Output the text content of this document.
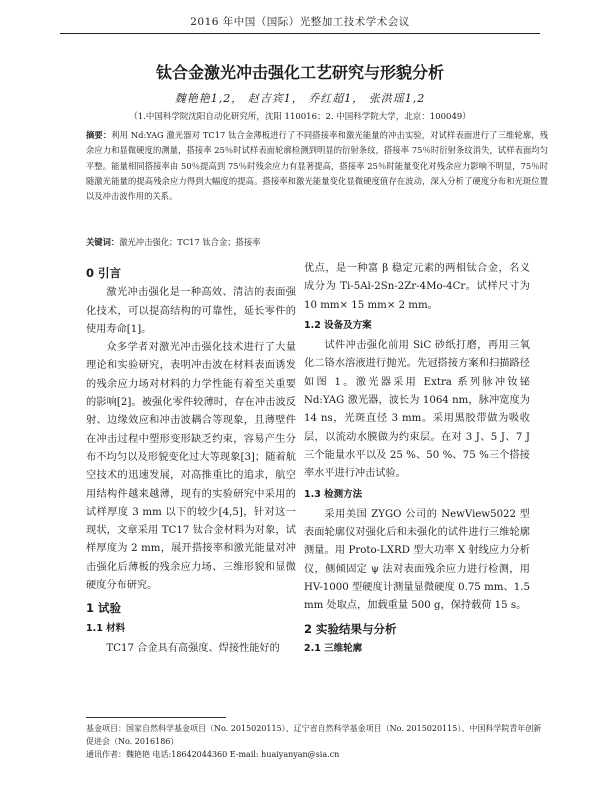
2016 年中国（国际）光整加工技术学术会议
钛合金激光冲击强化工艺研究与形貌分析
魏艳艳1,2， 赵吉宾1， 乔红超1， 张洪瑶1,2
（1.中国科学院沈阳自动化研究所，沈阳 110016；2. 中国科学院大学，北京：100049）
摘要：利用 Nd:YAG 激光器对 TC17 钛合金薄板进行了不同搭接率和激光能量的冲击实验，对试样表面进行了三维轮廓，残余应力和显微硬度的测量，搭接率 25％时试样表面轮廓检测到明显的衍射条纹，搭接率 75％时衍射条纹消失，试样表面均匀平整。能量相同搭接率由 50％提高到 75％时残余应力有显著提高，搭接率 25％时能量变化对残余应力影响不明显，75％时随激光能量的提高残余应力得到大幅度的提高。搭接率和激光能量变化显微硬度值存在波动，深入分析了硬度分布和光斑位置以及冲击波作用的关系。
关键词：激光冲击强化；TC17 钛合金；搭接率
0 引言

激光冲击强化是一种高效、清洁的表面强化技术，可以提高结构的可靠性，延长零件的使用寿命[1]。

众多学者对激光冲击强化技术进行了大量理论和实验研究，表明冲击波在材料表面诱发的残余应力场对材料的力学性能有着至关重要的影响[2]。被强化零件较薄时，存在冲击波反射、边缘效应和冲击波耦合等现象，且薄壁件在冲击过程中塑形变形缺乏约束，容易产生分布不均匀以及形貌变化过大等现象[3]；随着航空技术的迅速发展，对高推重比的追求，航空用结构件越来越薄，现有的实验研究中采用的试样厚度 3 mm 以下的较少[4,5]，针对这一现状，文章采用 TC17 钛合金材料为对象，试样厚度为 2 mm，展开搭接率和激光能量对冲击强化后薄板的残余应力场、三维形貌和显微硬度分布研究。

1 试验
1.1 材料

TC17 合金具有高强度、焊接性能好的

优点，是一种富 β 稳定元素的两相钛合金，名义成分为 Ti-5Al-2Sn-2Zr-4Mo-4Cr。试样尺寸为 10 mm× 15 mm× 2 mm。

1.2 设备及方案

试件冲击强化前用 SiC 砂纸打磨，再用三氧化二铬水溶液进行抛光。先冠搭接方案和扫描路径如图 1。激光器采用 Extra 系列脉冲钕铋 Nd:YAG 激光器，波长为 1064 nm，脉冲宽度为 14 ns，光斑直径 3 mm。采用黑胶带做为吸收层，以流动水膜做为约束层。在对 3 J、5 J、7 J 三个能量水平以及 25 %、50 %、75 %三个搭接率水平进行冲击试验。

1.3 检测方法

采用美国 ZYGO 公司的 NewView5022 型表面轮廓仪对强化后和未强化的试件进行三维轮廓测量。用 Proto-LXRD 型大功率 X 射线应力分析仪，侧倾固定 ψ 法对表面残余应力进行检测，用 HV-1000 型硬度计测量显微硬度 0.75 mm、1.5 mm 处取点，加载重量 500 g，保持载荷 15 s。

2 实验结果与分析
2.1 三维轮廓
基金项目：国家自然科学基金项目（No. 2015020115）、辽宁省自然科学基金项目（No. 2015020115）、中国科学院青年创新促进会（No. 2016186）
通讯作者：魏艳艳 电话:18642044360 E-mail: huaiyanyan@sia.cn
